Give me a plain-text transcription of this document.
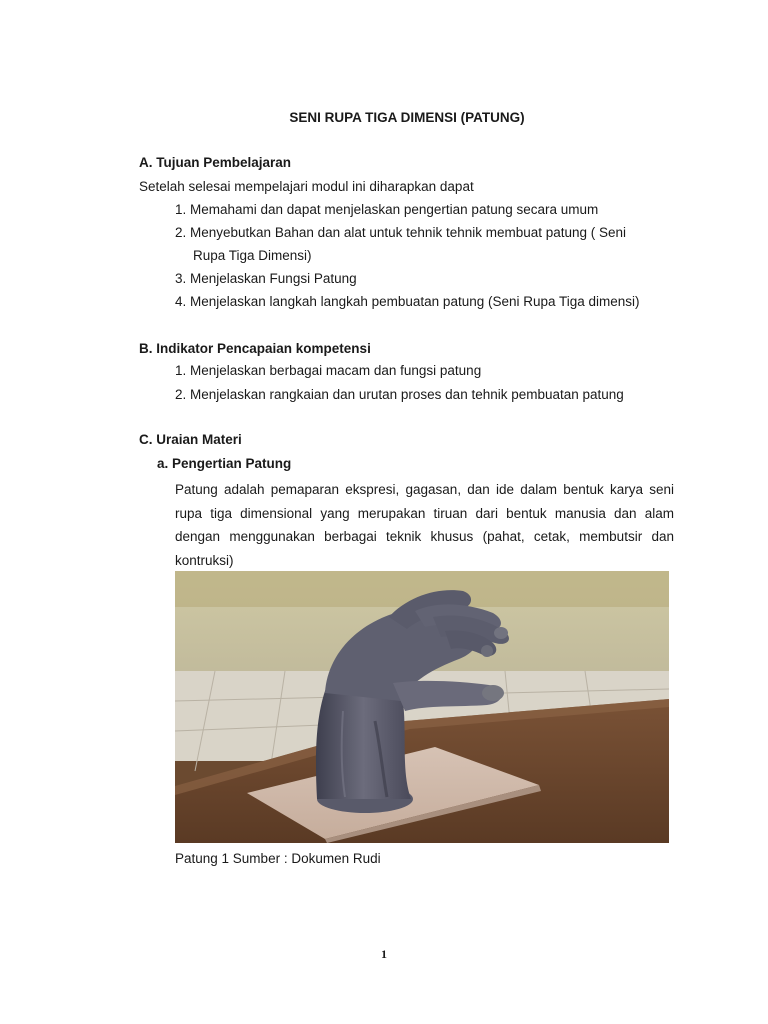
SENI RUPA TIGA DIMENSI (PATUNG)
A. Tujuan Pembelajaran
Setelah selesai mempelajari modul ini diharapkan dapat
1. Memahami dan dapat menjelaskan pengertian patung secara umum
2. Menyebutkan Bahan dan alat untuk tehnik tehnik membuat patung ( Seni
Rupa Tiga Dimensi)
3. Menjelaskan Fungsi Patung
4. Menjelaskan langkah langkah pembuatan patung (Seni Rupa Tiga dimensi)
B. Indikator Pencapaian kompetensi
1. Menjelaskan berbagai macam dan fungsi patung
2. Menjelaskan rangkaian dan urutan proses dan tehnik pembuatan patung
C. Uraian Materi
a. Pengertian Patung
Patung adalah pemaparan ekspresi, gagasan, dan ide dalam bentuk karya seni
rupa tiga dimensional yang merupakan tiruan dari bentuk manusia dan alam
dengan menggunakan berbagai teknik khusus (pahat, cetak, membutsir dan
kontruksi)
Patung 1 Sumber : Dokumen Rudi
1
